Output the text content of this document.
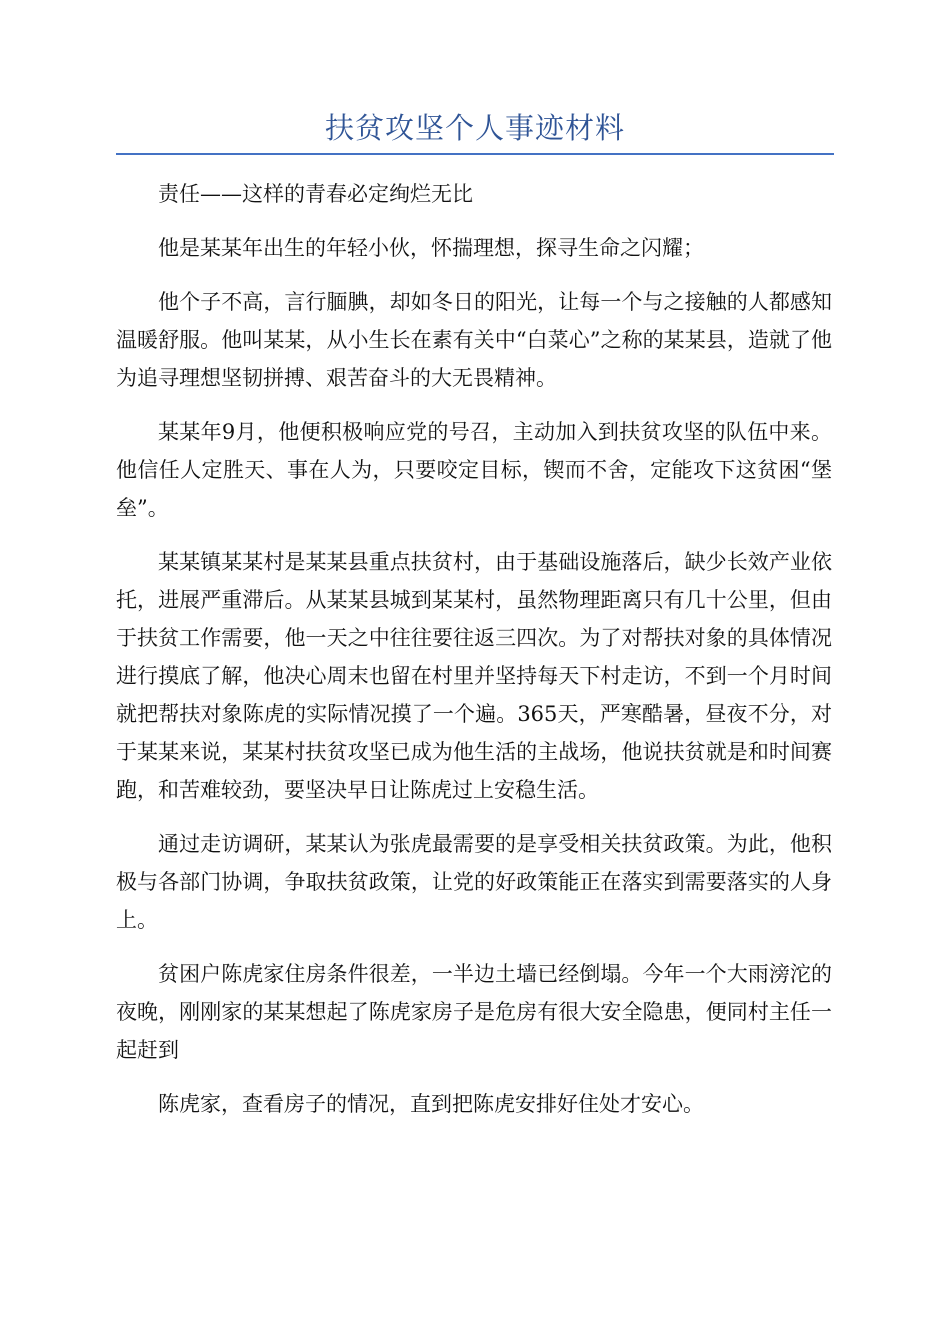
扶贫攻坚个人事迹材料

责任——这样的青春必定绚烂无比

他是某某年出生的年轻小伙，怀揣理想，探寻生命之闪耀；

他个子不高，言行腼腆，却如冬日的阳光，让每一个与之接触的人都感知温暖舒服。他叫某某，从小生长在素有关中“白菜心”之称的某某县，造就了他为追寻理想坚韧拼搏、艰苦奋斗的大无畏精神。

某某年9月，他便积极响应党的号召，主动加入到扶贫攻坚的队伍中来。他信任人定胜天、事在人为，只要咬定目标，锲而不舍，定能攻下这贫困“堡垒”。

某某镇某某村是某某县重点扶贫村，由于基础设施落后，缺少长效产业依托，进展严重滞后。从某某县城到某某村，虽然物理距离只有几十公里，但由于扶贫工作需要，他一天之中往往要往返三四次。为了对帮扶对象的具体情况进行摸底了解，他决心周末也留在村里并坚持每天下村走访，不到一个月时间就把帮扶对象陈虎的实际情况摸了一个遍。365天，严寒酷暑，昼夜不分，对于某某来说，某某村扶贫攻坚已成为他生活的主战场，他说扶贫就是和时间赛跑，和苦难较劲，要坚决早日让陈虎过上安稳生活。

通过走访调研，某某认为张虎最需要的是享受相关扶贫政策。为此，他积极与各部门协调，争取扶贫政策，让党的好政策能正在落实到需要落实的人身上。

贫困户陈虎家住房条件很差，一半边土墙已经倒塌。今年一个大雨滂沱的夜晚，刚刚家的某某想起了陈虎家房子是危房有很大安全隐患，便同村主任一起赶到

陈虎家，查看房子的情况，直到把陈虎安排好住处才安心。
